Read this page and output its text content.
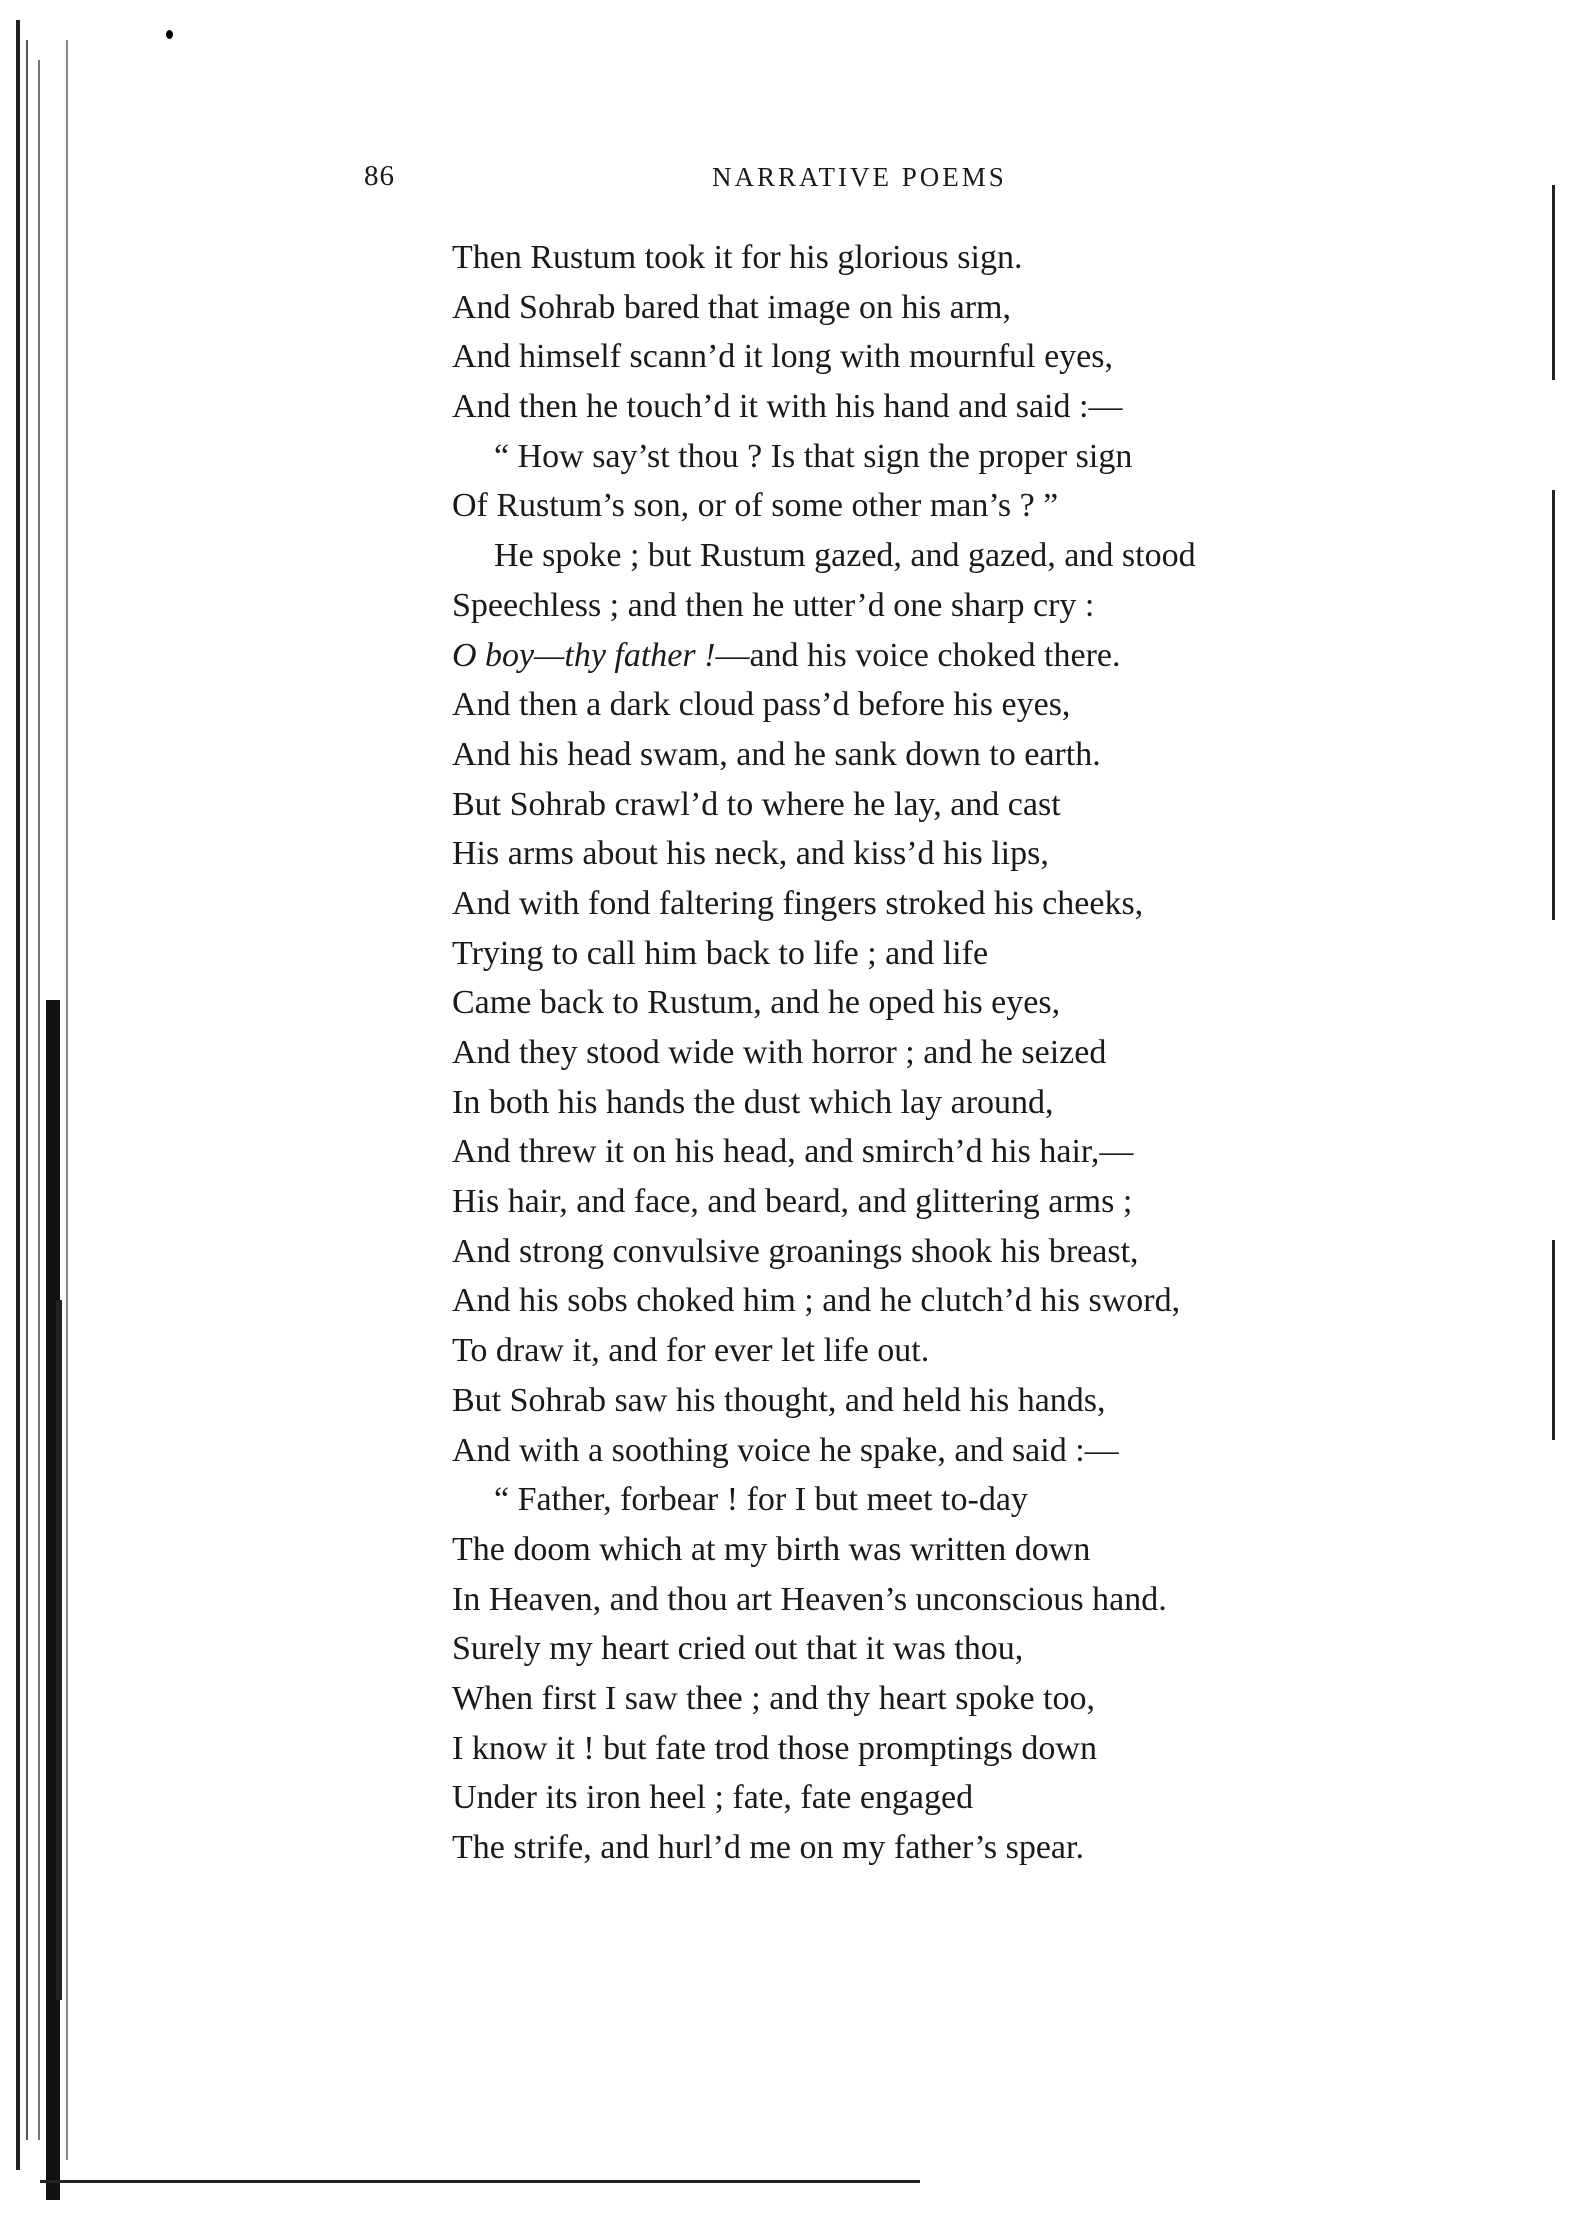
86	NARRATIVE POEMS
Then Rustum took it for his glorious sign.
And Sohrab bared that image on his arm,
And himself scann’d it long with mournful eyes,
And then he touch’d it with his hand and said :—
“ How say’st thou ? Is that sign the proper sign
Of Rustum’s son, or of some other man’s ? ”
He spoke ; but Rustum gazed, and gazed, and stood
Speechless ; and then he utter’d one sharp cry :
O boy—thy father !—and his voice choked there.
And then a dark cloud pass’d before his eyes,
And his head swam, and he sank down to earth.
But Sohrab crawl’d to where he lay, and cast
His arms about his neck, and kiss’d his lips,
And with fond faltering fingers stroked his cheeks,
Trying to call him back to life ; and life
Came back to Rustum, and he oped his eyes,
And they stood wide with horror ; and he seized
In both his hands the dust which lay around,
And threw it on his head, and smirch’d his hair,—
His hair, and face, and beard, and glittering arms ;
And strong convulsive groanings shook his breast,
And his sobs choked him ; and he clutch’d his sword,
To draw it, and for ever let life out.
But Sohrab saw his thought, and held his hands,
And with a soothing voice he spake, and said :—
“ Father, forbear ! for I but meet to-day
The doom which at my birth was written down
In Heaven, and thou art Heaven’s unconscious hand.
Surely my heart cried out that it was thou,
When first I saw thee ; and thy heart spoke too,
I know it ! but fate trod those promptings down
Under its iron heel ; fate, fate engaged
The strife, and hurl’d me on my father’s spear.
